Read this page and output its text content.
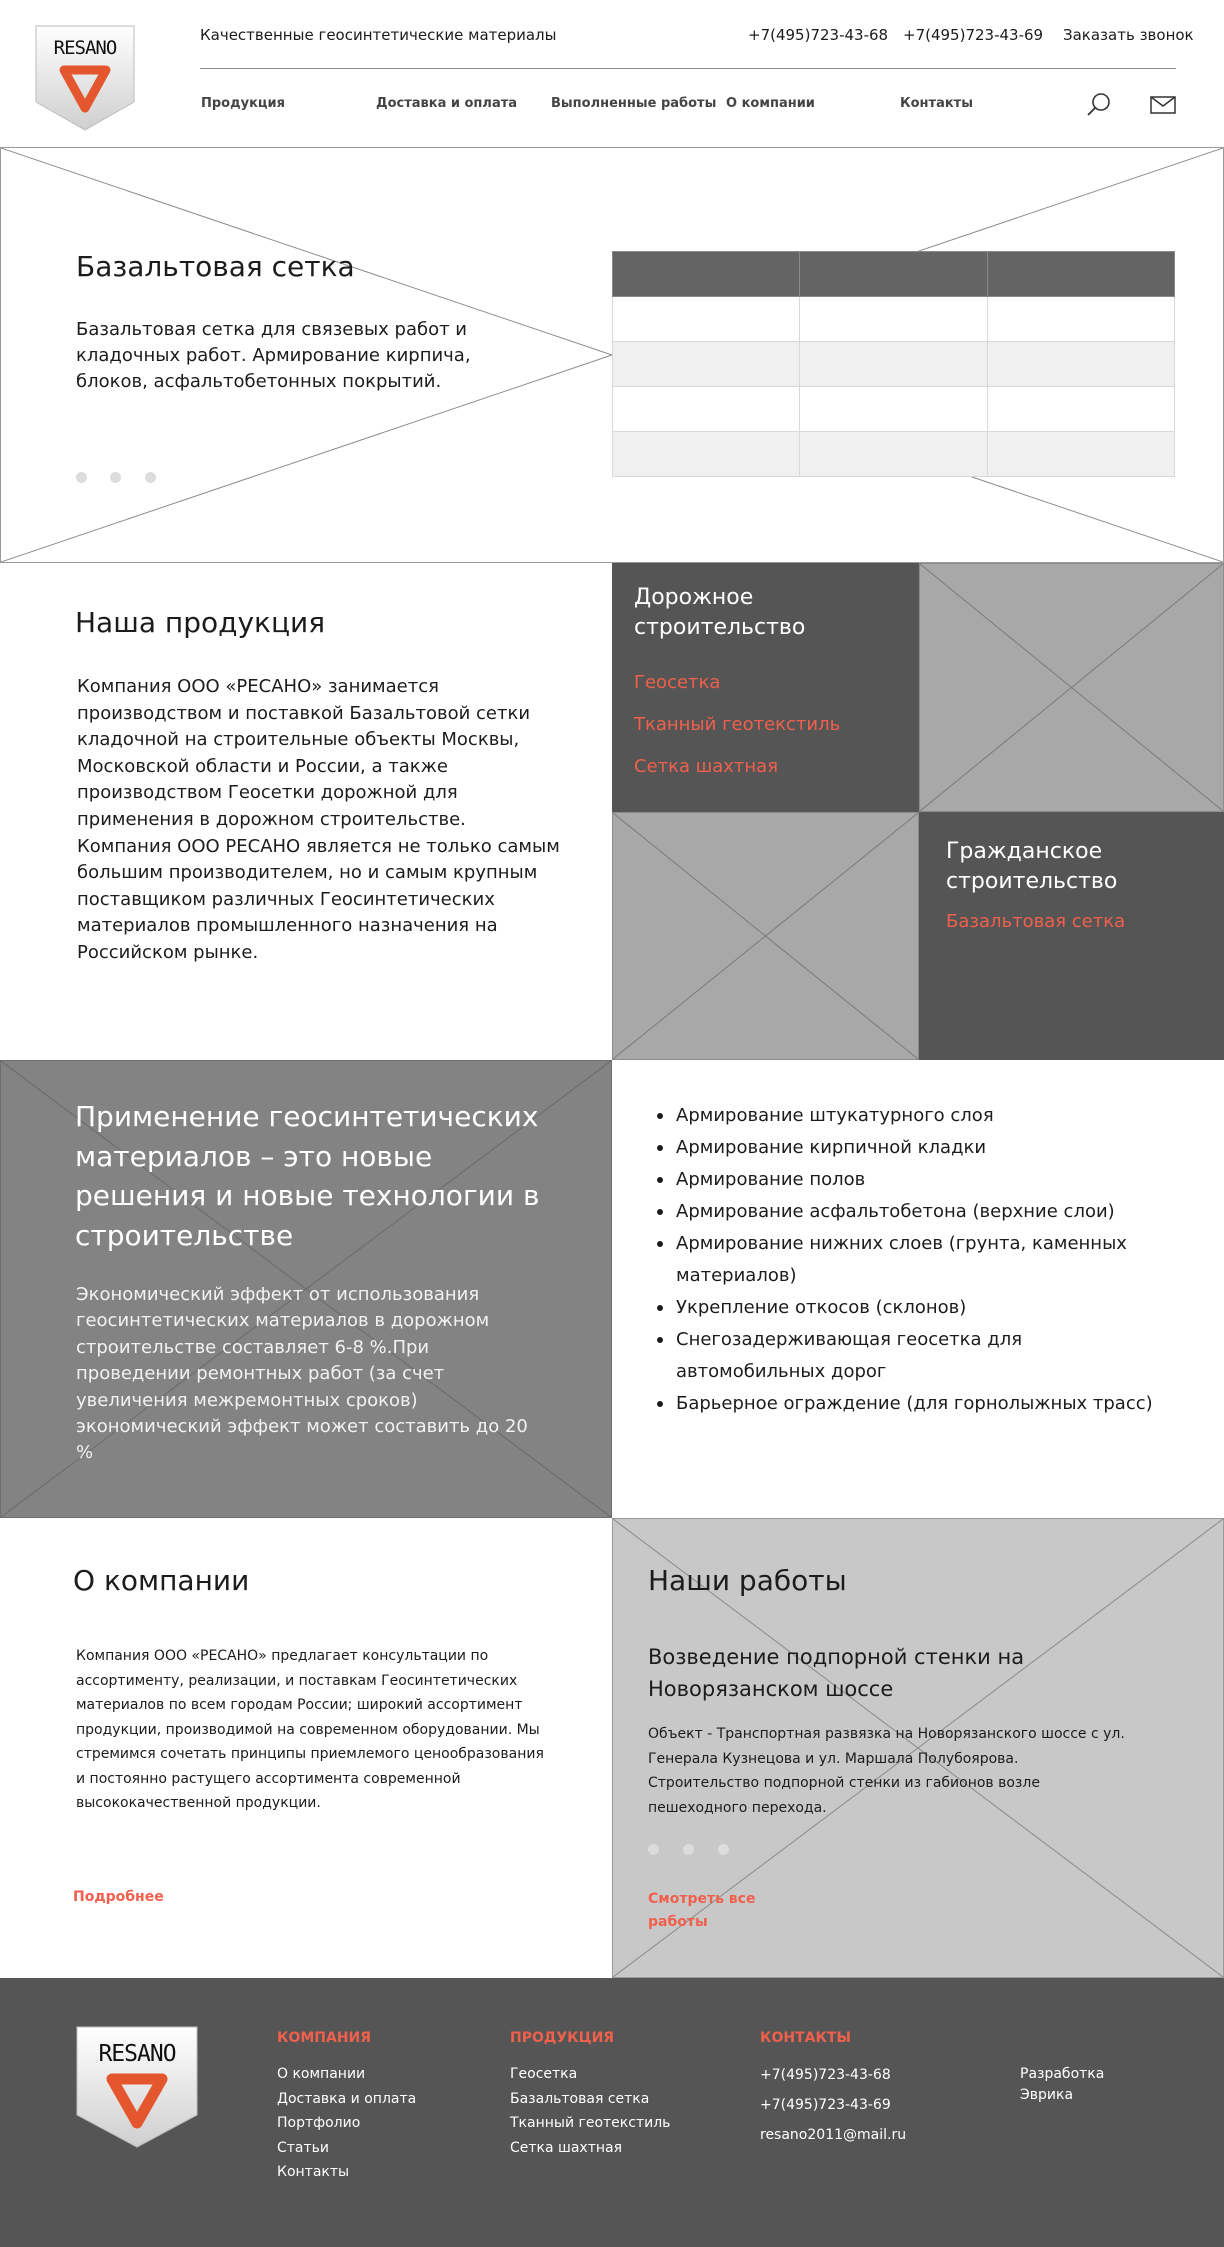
RESANO
Качественные геосинтетические материалы	+7(495)723-43-68 +7(495)723-43-69 Заказать звонок
Продукция	Доставка и оплата	Выполненные работы О компании	Контакты
Базальтовая сетка
Базальтовая сетка для связевых работ и кладочных работ. Армирование кирпича, блоков, асфальтобетонных покрытий.

Наша продукция
Компания ООО «РЕСАНО» занимается производством и поставкой Базальтовой сетки кладочной на строительные объекты Москвы, Московской области и России, а также производством Геосетки дорожной для применения в дорожном строительстве.
Компания ООО РЕСАНО является не только самым большим производителем, но и самым крупным поставщиком различных Геосинтетических материалов промышленного назначения на Российском рынке.
Дорожное строительство
Геосетка
Тканный геотекстиль
Сетка шахтная
Гражданское строительство
Базальтовая сетка
Применение геосинтетических материалов – это новые решения и новые технологии в строительстве
Экономический эффект от использования геосинтетических материалов в дорожном строительстве составляет 6-8 %.При проведении ремонтных работ (за счет увеличения межремонтных сроков) экономический эффект может составить до 20 %
Армирование штукатурного слоя
Армирование кирпичной кладки
Армирование полов
Армирование асфальтобетона (верхние слои)
Армирование нижних слоев (грунта, каменных материалов)
Укрепление откосов (склонов)
Снегозадерживающая геосетка для автомобильных дорог
Барьерное ограждение (для горнолыжных трасс)
О компании
Компания ООО «РЕСАНО» предлагает консультации по ассортименту, реализации, и поставкам Геосинтетических материалов по всем городам России; широкий ассортимент продукции, производимой на современном оборудовании. Мы стремимся сочетать принципы приемлемого ценообразования и постоянно растущего ассортимента современной высококачественной продукции.
Подробнее
Наши работы
Возведение подпорной стенки на Новорязанском шоссе
Объект - Транспортная развязка на Новорязанского шоссе с ул. Генерала Кузнецова и ул. Маршала Полубоярова. Строительство подпорной стенки из габионов возле пешеходного перехода.
Смотреть все
работы
RESANO
КОМПАНИЯ
О компании
Доставка и оплата
Портфолио
Статьи
Контакты
ПРОДУКЦИЯ
Геосетка
Базальтовая сетка
Тканный геотекстиль
Сетка шахтная
КОНТАКТЫ
+7(495)723-43-68
+7(495)723-43-69
resano2011@mail.ru
Разработка
Эврика
